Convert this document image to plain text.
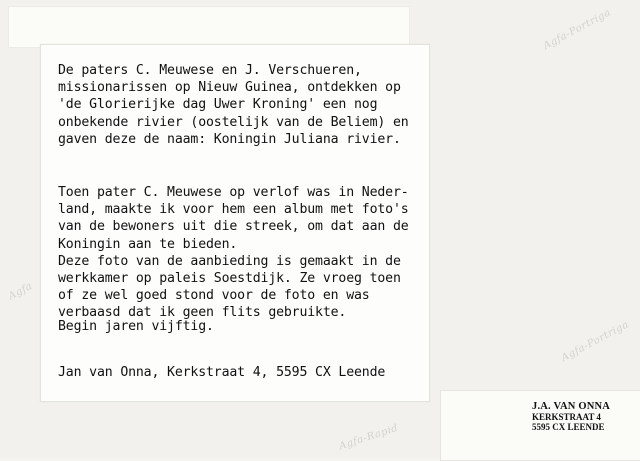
Agfa-Portriga
Agfa
Agfa-Portriga
Agfa-Rapid

De paters C. Meuwese en J. Verschueren,
missionarissen op Nieuw Guinea, ontdekken op
'de Glorierijke dag Uwer Kroning' een nog
onbekende rivier (oostelijk van de Beliem) en
gaven deze de naam: Koningin Juliana rivier.

Toen pater C. Meuwese op verlof was in Neder-
land, maakte ik voor hem een album met foto's
van de bewoners uit die streek, om dat aan de
Koningin aan te bieden.
Deze foto van de aanbieding is gemaakt in de
werkkamer op paleis Soestdijk. Ze vroeg toen
of ze wel goed stond voor de foto en was
verbaasd dat ik geen flits gebruikte.

Begin jaren vijftig.

Jan van Onna, Kerkstraat 4, 5595 CX Leende

J.A. VAN ONNA
KERKSTRAAT 4
5595 CX LEENDE
